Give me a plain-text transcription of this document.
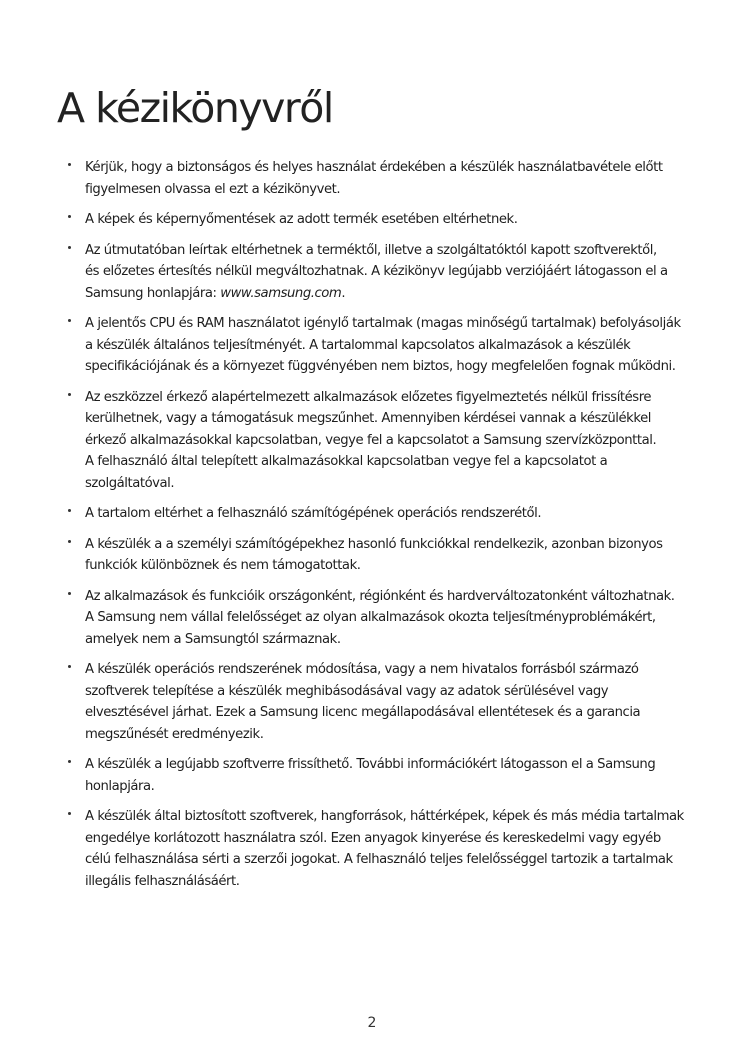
A kézikönyvről
Kérjük, hogy a biztonságos és helyes használat érdekében a készülék használatbavétele előtt
figyelmesen olvassa el ezt a kézikönyvet.
A képek és képernyőmentések az adott termék esetében eltérhetnek.
Az útmutatóban leírtak eltérhetnek a terméktől, illetve a szolgáltatóktól kapott szoftverektől,
és előzetes értesítés nélkül megváltozhatnak. A kézikönyv legújabb verziójáért látogasson el a
Samsung honlapjára: www.samsung.com.
A jelentős CPU és RAM használatot igénylő tartalmak (magas minőségű tartalmak) befolyásolják
a készülék általános teljesítményét. A tartalommal kapcsolatos alkalmazások a készülék
specifikációjának és a környezet függvényében nem biztos, hogy megfelelően fognak működni.
Az eszközzel érkező alapértelmezett alkalmazások előzetes figyelmeztetés nélkül frissítésre
kerülhetnek, vagy a támogatásuk megszűnhet. Amennyiben kérdései vannak a készülékkel
érkező alkalmazásokkal kapcsolatban, vegye fel a kapcsolatot a Samsung szervízközponttal.
A felhasználó által telepített alkalmazásokkal kapcsolatban vegye fel a kapcsolatot a
szolgáltatóval.
A tartalom eltérhet a felhasználó számítógépének operációs rendszerétől.
A készülék a a személyi számítógépekhez hasonló funkciókkal rendelkezik, azonban bizonyos
funkciók különböznek és nem támogatottak.
Az alkalmazások és funkcióik országonként, régiónként és hardverváltozatonként változhatnak.
A Samsung nem vállal felelősséget az olyan alkalmazások okozta teljesítményproblémákért,
amelyek nem a Samsungtól származnak.
A készülék operációs rendszerének módosítása, vagy a nem hivatalos forrásból származó
szoftverek telepítése a készülék meghibásodásával vagy az adatok sérülésével vagy
elvesztésével járhat. Ezek a Samsung licenc megállapodásával ellentétesek és a garancia
megszűnését eredményezik.
A készülék a legújabb szoftverre frissíthető. További információkért látogasson el a Samsung
honlapjára.
A készülék által biztosított szoftverek, hangforrások, háttérképek, képek és más média tartalmak
engedélye korlátozott használatra szól. Ezen anyagok kinyerése és kereskedelmi vagy egyéb
célú felhasználása sérti a szerzői jogokat. A felhasználó teljes felelősséggel tartozik a tartalmak
illegális felhasználásáért.
2
